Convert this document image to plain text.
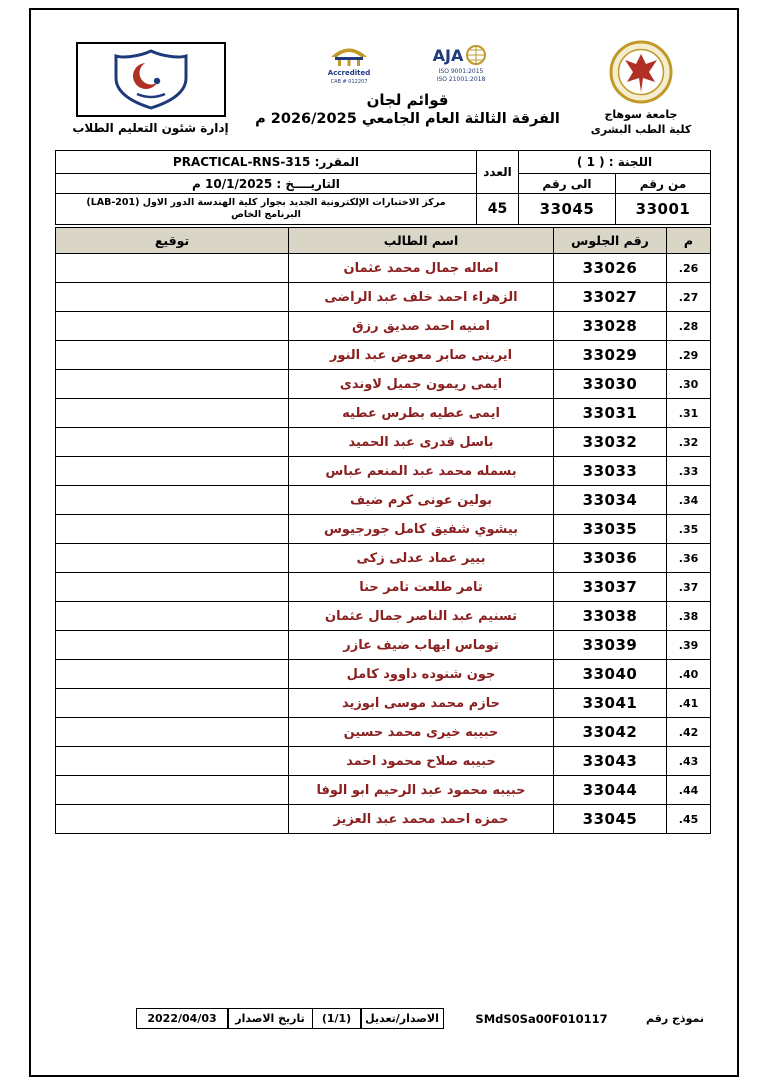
جامعة سوهاج
كلية الطب البشرى
AJA
ISO 9001:2015
ISO 21001:2018
Accredited
CAB # 012207
قوائم لجان
الفرقة الثالثة العام الجامعي 2026/2025 م
إدارة شئون التعليم الطلاب
اللجنة : ( 1 )		العدد	المقرر: PRACTICAL-RNS-315
من رقم	الى رقم		التاريــــخ : 10/1/2025 م
33001	33045	45	مركز الاختبارات الإلكترونية الجديد بجوار كلية الهندسة الدور الاول (LAB-201)
البرنامج الخاص
م	رقم الجلوس	اسم الطالب	توقيع
26.	33026	اصاله جمال محمد عثمان	
27.	33027	الزهراء احمد خلف عبد الراضى	
28.	33028	امنيه احمد صديق رزق	
29.	33029	ايرينى صابر معوض عبد النور	
30.	33030	ايمى ريمون جميل لاوندى	
31.	33031	ايمى عطيه بطرس عطيه	
32.	33032	باسل قدرى عبد الحميد	
33.	33033	بسمله محمد عبد المنعم عباس	
34.	33034	بولين عونى كرم ضيف	
35.	33035	بيشوي شفيق كامل جورجيوس	
36.	33036	بيير عماد عدلى زكى	
37.	33037	تامر طلعت تامر حنا	
38.	33038	تسنيم عبد الناصر جمال عثمان	
39.	33039	توماس ايهاب ضيف عازر	
40.	33040	جون شنوده داوود كامل	
41.	33041	حازم محمد موسى ابوزيد	
42.	33042	حبيبه خيرى محمد حسين	
43.	33043	حبيبه صلاح محمود احمد	
44.	33044	حبيبه محمود عبد الرحيم ابو الوفا	
45.	33045	حمزه احمد محمد عبد العزيز	
نموذج رقم
SMdS0Sa00F010117
الاصدار/تعديل
(1/1)
تاريخ الاصدار
2022/04/03
